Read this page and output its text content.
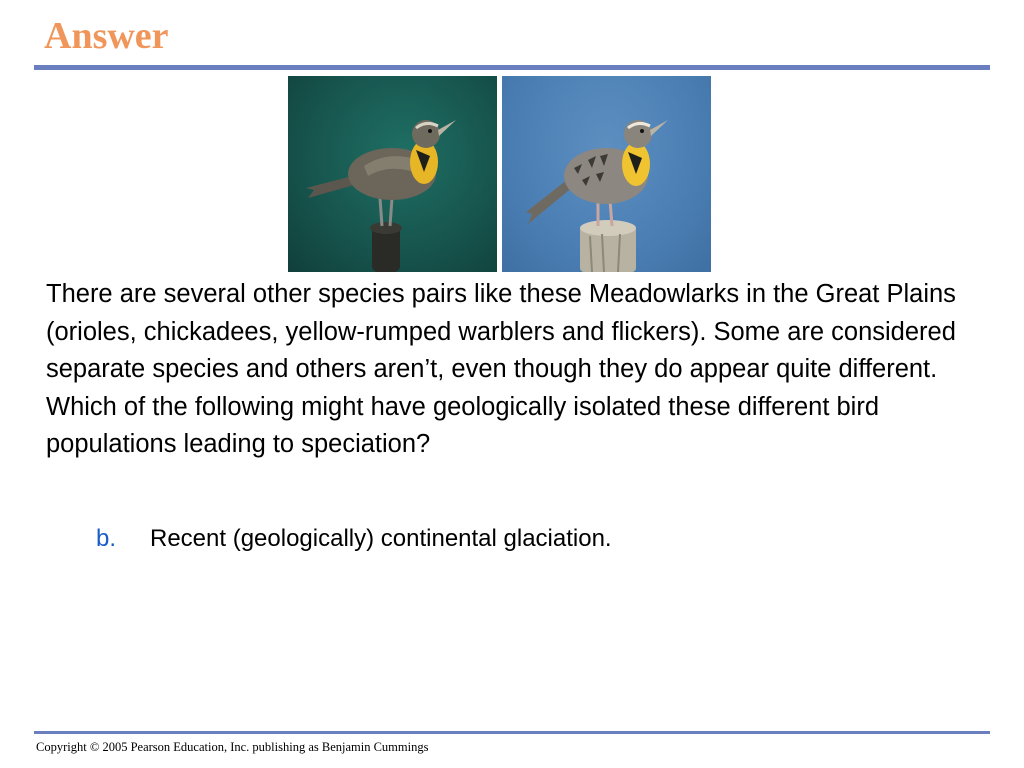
Answer

There are several other species pairs like these Meadowlarks in the Great Plains (orioles, chickadees, yellow-rumped warblers and flickers). Some are considered separate species and others aren’t, even though they do appear quite different. Which of the following might have geologically isolated these different bird populations leading to speciation?

b. Recent (geologically) continental glaciation.

Copyright © 2005 Pearson Education, Inc. publishing as Benjamin Cummings
